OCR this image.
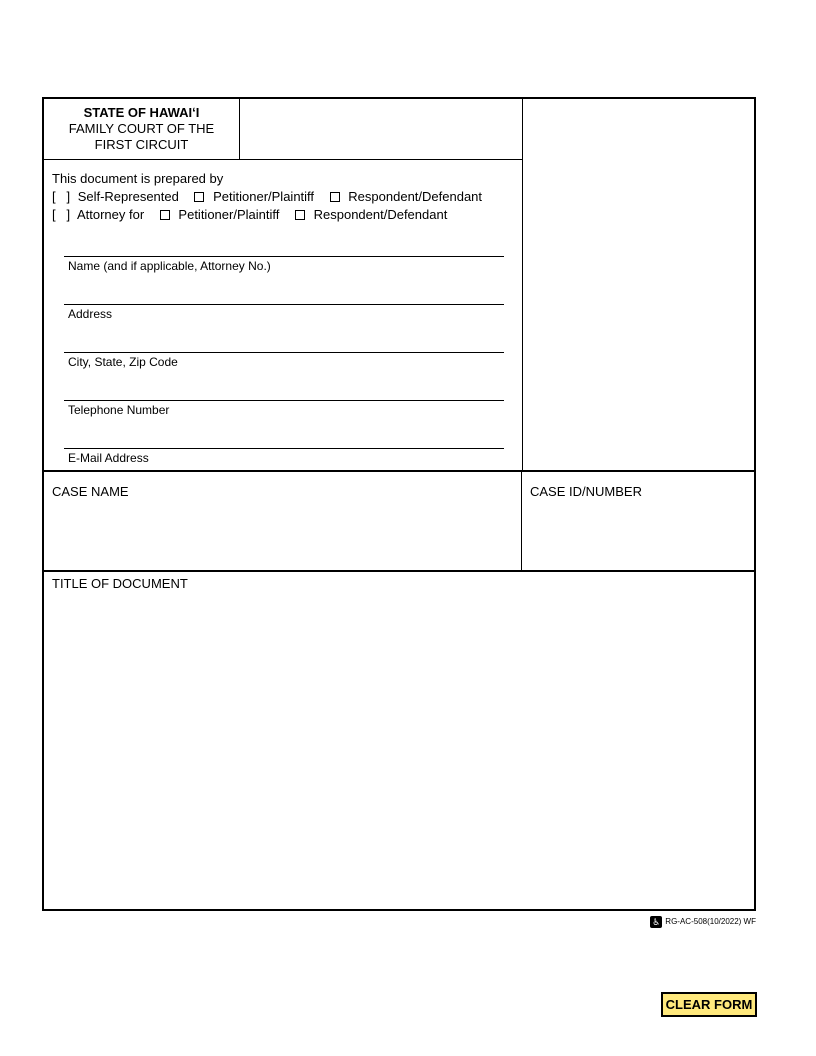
STATE OF HAWAIʻI
FAMILY COURT OF THE
FIRST CIRCUIT
This document is prepared by
[   ] Self-Represented	Petitioner/Plaintiff	Respondent/Defendant
[   ] Attorney for	Petitioner/Plaintiff	Respondent/Defendant
Name (and if applicable, Attorney No.)
Address
City, State, Zip Code
Telephone Number
E-Mail Address
CASE NAME	CASE ID/NUMBER
TITLE OF DOCUMENT
♿ RG-AC-508(10/2022) WF
CLEAR FORM
